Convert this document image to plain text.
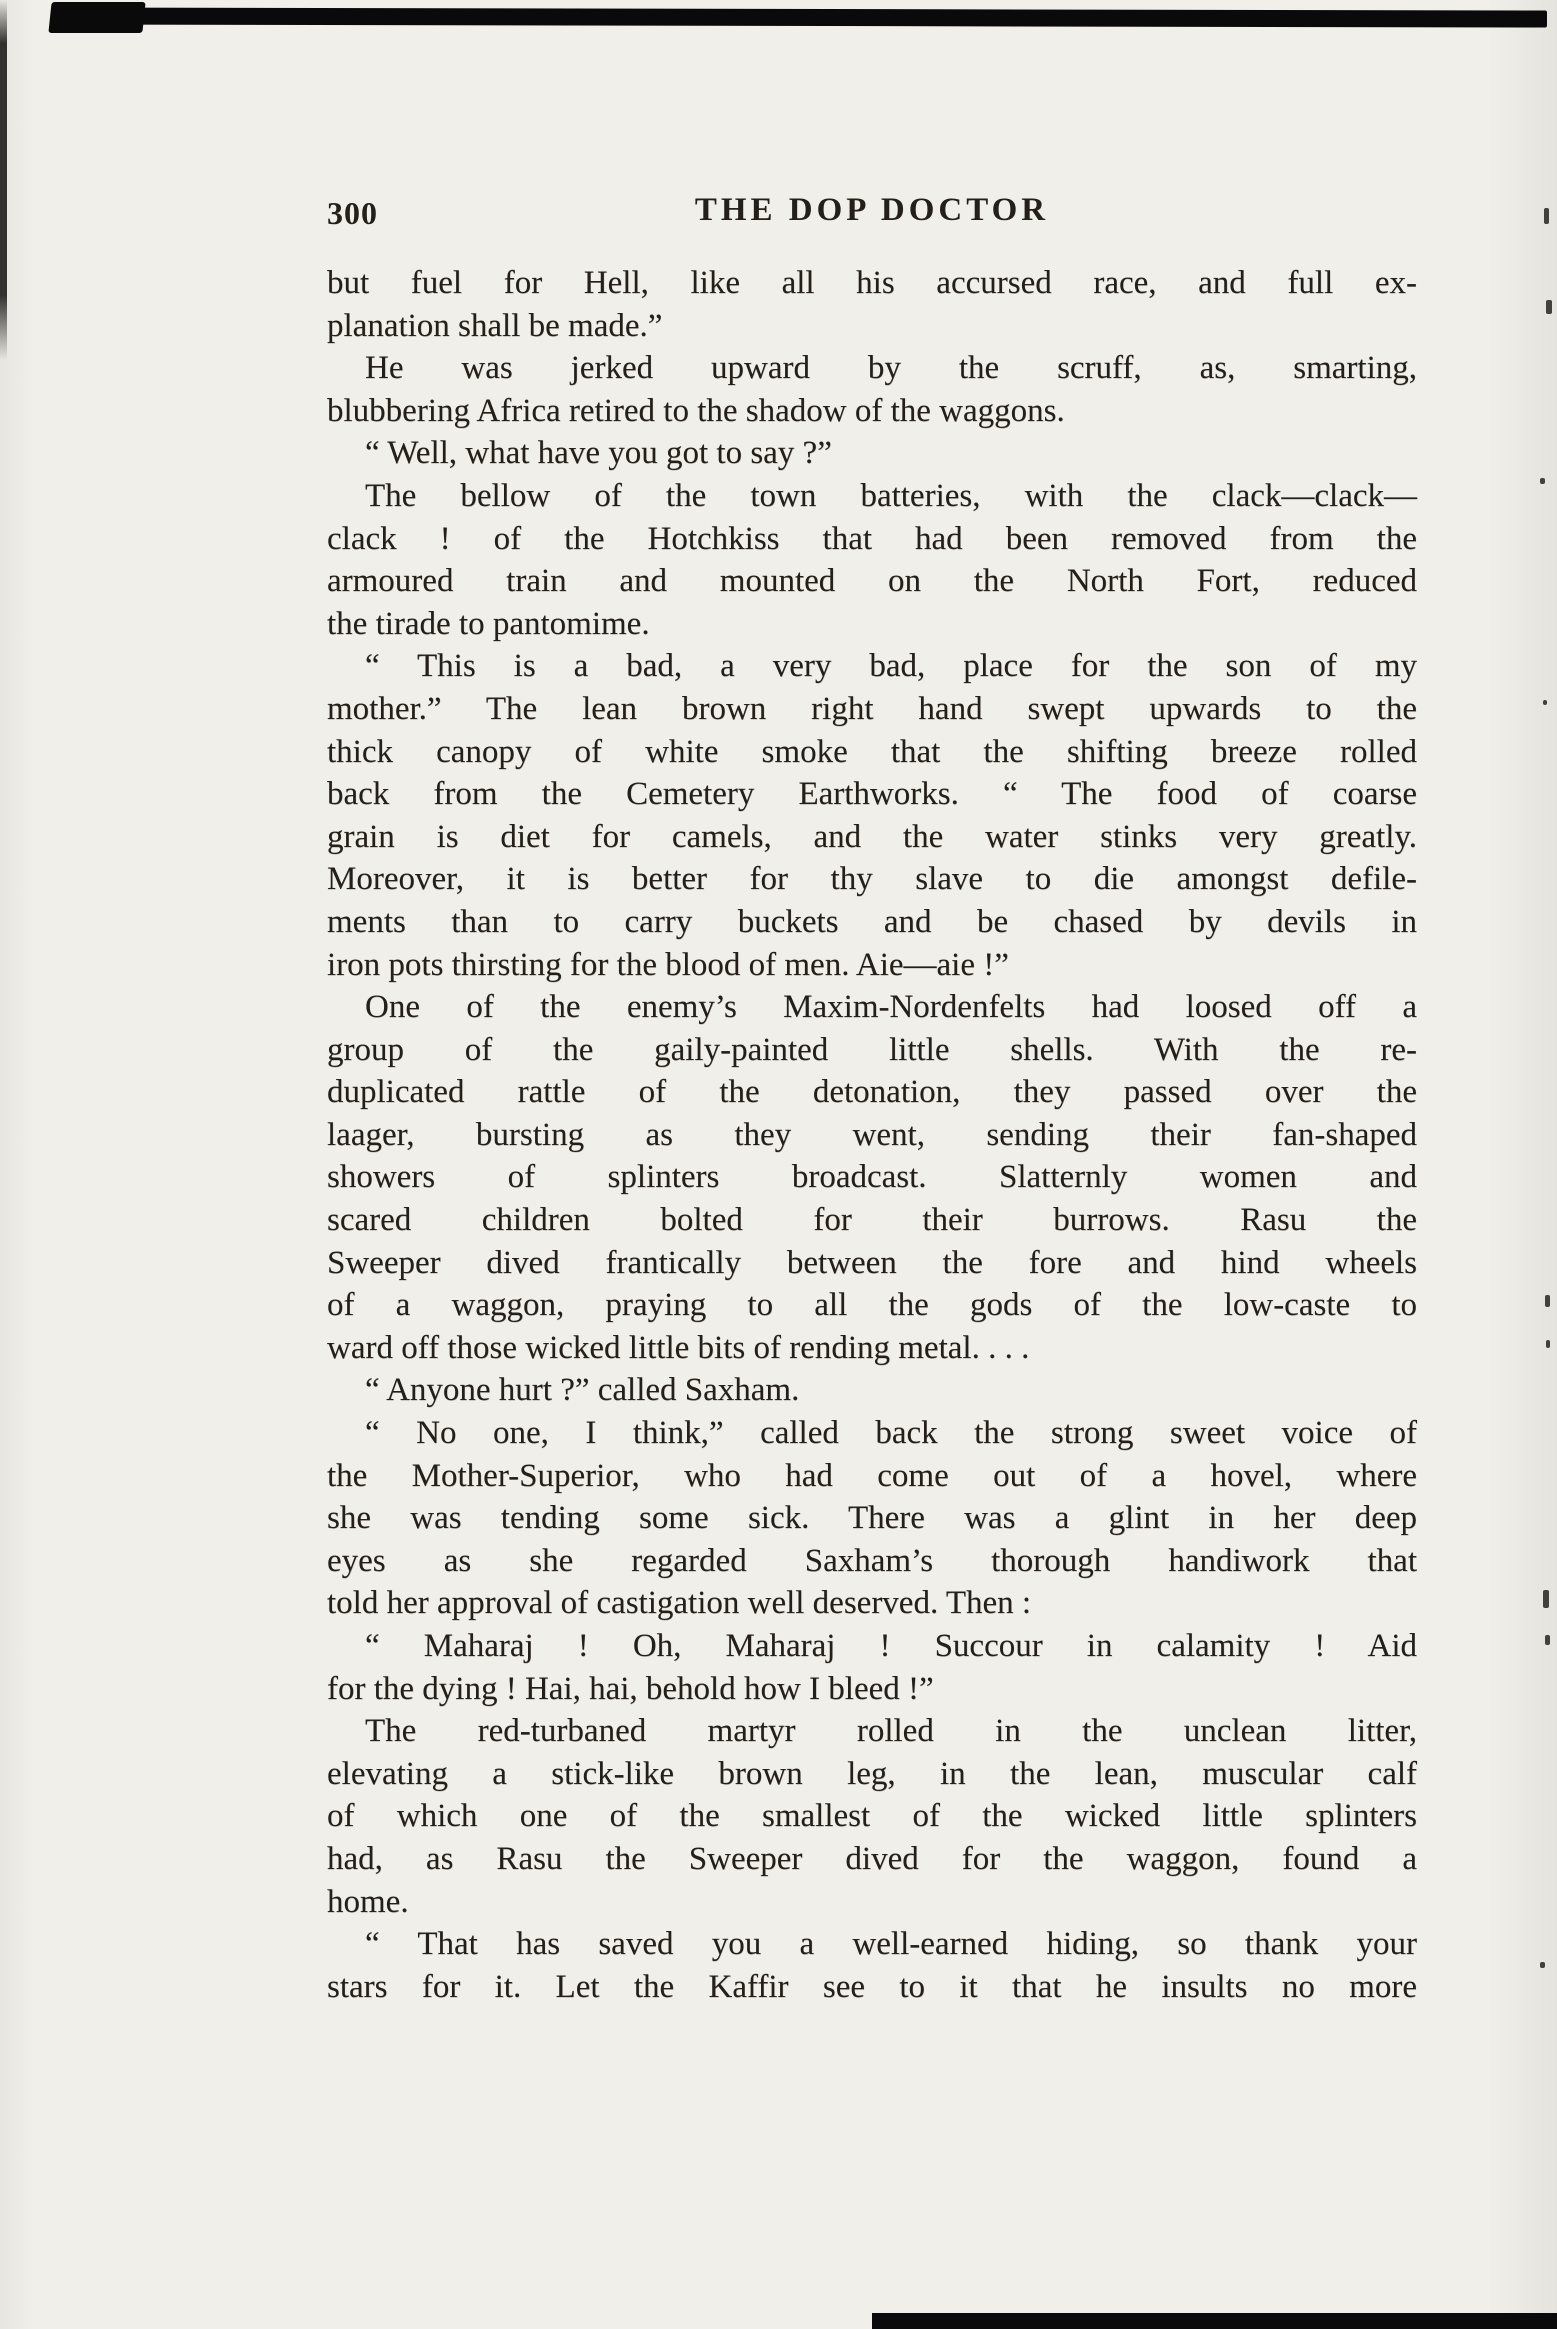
300	THE DOP DOCTOR
but fuel for Hell, like all his accursed race, and full ex-
planation shall be made.”
He was jerked upward by the scruff, as, smarting,
blubbering Africa retired to the shadow of the waggons.
“ Well, what have you got to say ?”
The bellow of the town batteries, with the clack—clack—
clack ! of the Hotchkiss that had been removed from the
armoured train and mounted on the North Fort, reduced
the tirade to pantomime.
“ This is a bad, a very bad, place for the son of my
mother.” The lean brown right hand swept upwards to the
thick canopy of white smoke that the shifting breeze rolled
back from the Cemetery Earthworks. “ The food of coarse
grain is diet for camels, and the water stinks very greatly.
Moreover, it is better for thy slave to die amongst defile-
ments than to carry buckets and be chased by devils in
iron pots thirsting for the blood of men. Aie—aie !”
One of the enemy’s Maxim-Nordenfelts had loosed off a
group of the gaily-painted little shells. With the re-
duplicated rattle of the detonation, they passed over the
laager, bursting as they went, sending their fan-shaped
showers of splinters broadcast. Slatternly women and
scared children bolted for their burrows. Rasu the
Sweeper dived frantically between the fore and hind wheels
of a waggon, praying to all the gods of the low-caste to
ward off those wicked little bits of rending metal. . . .
“ Anyone hurt ?” called Saxham.
“ No one, I think,” called back the strong sweet voice of
the Mother-Superior, who had come out of a hovel, where
she was tending some sick. There was a glint in her deep
eyes as she regarded Saxham’s thorough handiwork that
told her approval of castigation well deserved. Then :
“ Maharaj ! Oh, Maharaj ! Succour in calamity ! Aid
for the dying ! Hai, hai, behold how I bleed !”
The red-turbaned martyr rolled in the unclean litter,
elevating a stick-like brown leg, in the lean, muscular calf
of which one of the smallest of the wicked little splinters
had, as Rasu the Sweeper dived for the waggon, found a
home.
“ That has saved you a well-earned hiding, so thank your
stars for it. Let the Kaffir see to it that he insults no more
